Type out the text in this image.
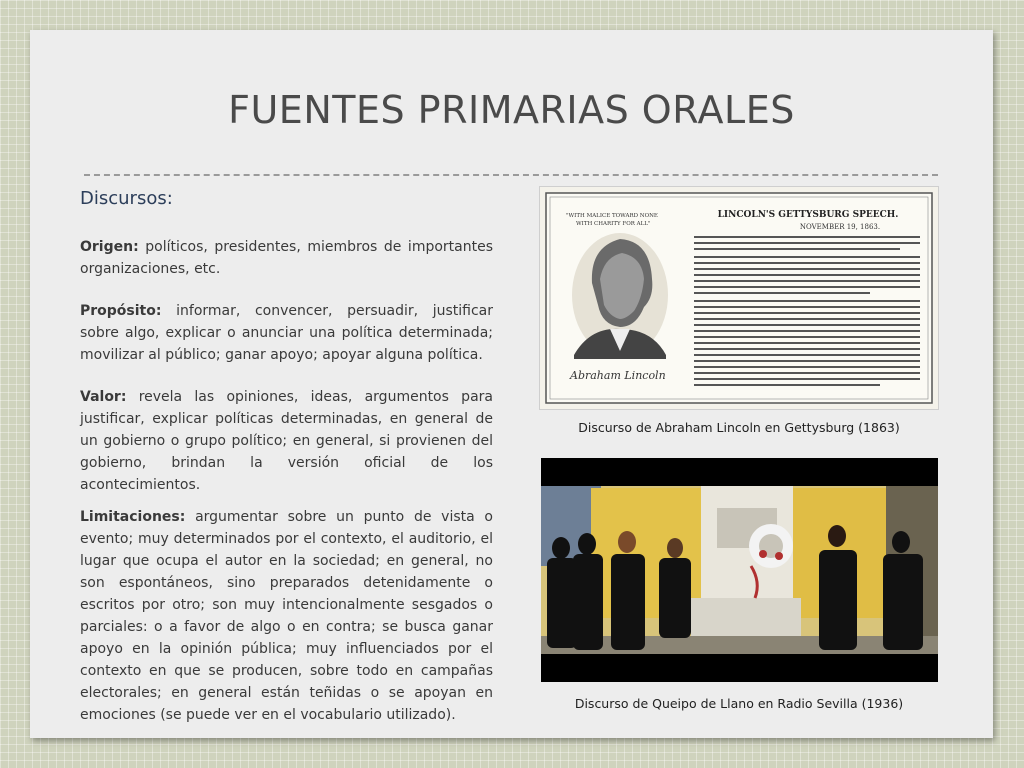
FUENTES PRIMARIAS ORALES
Discursos:

Origen: políticos, presidentes, miembros de importantes organizaciones, etc.

Propósito: informar, convencer, persuadir, justificar sobre algo, explicar o anunciar una política determinada; movilizar al público; ganar apoyo; apoyar alguna política.

Valor: revela las opiniones, ideas, argumentos para justificar, explicar políticas determinadas, en general de un gobierno o grupo político; en general, si provienen del gobierno, brindan la versión oficial de los acontecimientos.

Limitaciones: argumentar sobre un punto de vista o evento; muy determinados por el contexto, el auditorio, el lugar que ocupa el autor en la sociedad; en general, no son espontáneos, sino preparados detenidamente o escritos por otro; son muy intencionalmente sesgados o parciales: o a favor de algo o en contra; se busca ganar apoyo en la opinión pública; muy influenciados por el contexto en que se producen, sobre todo en campañas electorales; en general están teñidas o se apoyan en emociones (se puede ver en el vocabulario utilizado).

"WITH MALICE TOWARD NONE
WITH CHARITY FOR ALL"
Abraham Lincoln
LINCOLN'S GETTYSBURG SPEECH.
NOVEMBER 19, 1863.

Discurso de Abraham Lincoln en Gettysburg (1863)

Discurso de Queipo de Llano en Radio Sevilla (1936)
